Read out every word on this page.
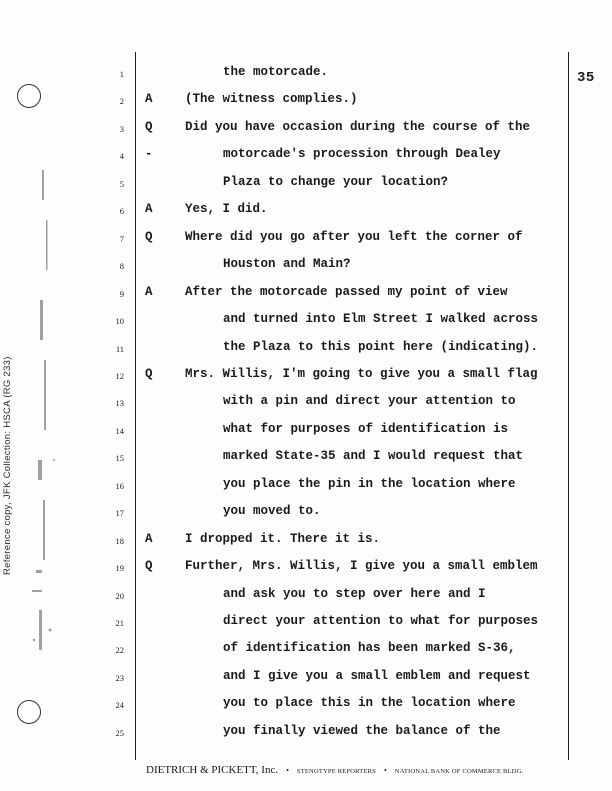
35
Reference copy, JFK Collection: HSCA (RG 233)
1	the motorcade.
2 A	(The witness complies.)
3 Q	Did you have occasion during the course of the
4 -	motorcade's procession through Dealey
5	Plaza to change your location?
6 A	Yes, I did.
7 Q	Where did you go after you left the corner of
8	Houston and Main?
9 A	After the motorcade passed my point of view
10	and turned into Elm Street I walked across
11	the Plaza to this point here (indicating).
12 Q	Mrs. Willis, I'm going to give you a small flag
13	with a pin and direct your attention to
14	what for purposes of identification is
15	marked State-35 and I would request that
16	you place the pin in the location where
17	you moved to.
18 A	I dropped it. There it is.
19 Q	Further, Mrs. Willis, I give you a small emblem
20	and ask you to step over here and I
21	direct your attention to what for purposes
22	of identification has been marked S-36,
23	and I give you a small emblem and request
24	you to place this in the location where
25	you finally viewed the balance of the
DIETRICH & PICKETT, Inc. • STENOTYPE REPORTERS • NATIONAL BANK OF COMMERCE BLDG.
